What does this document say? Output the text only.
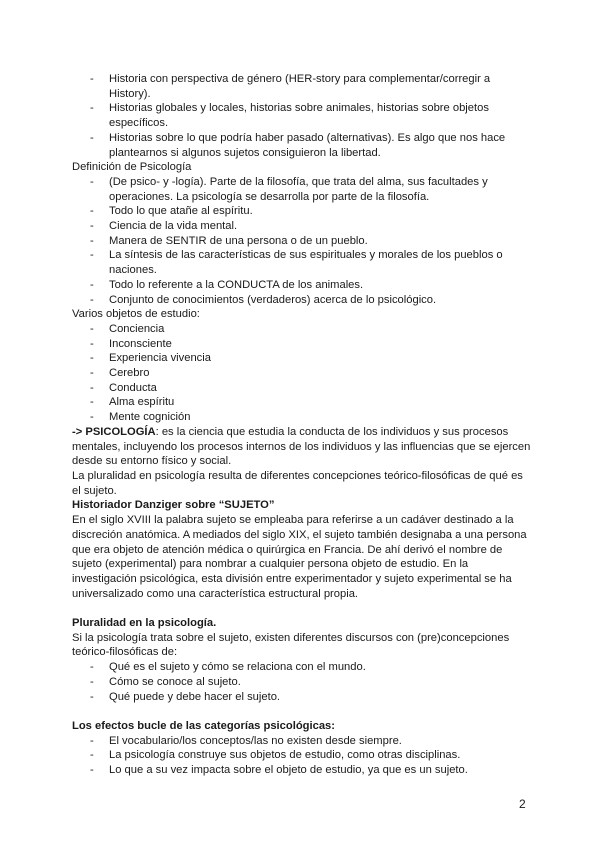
- Historia con perspectiva de género (HER-story para complementar/corregir a History).
- Historias globales y locales, historias sobre animales, historias sobre objetos específicos.
- Historias sobre lo que podría haber pasado (alternativas). Es algo que nos hace plantearnos si algunos sujetos consiguieron la libertad.

Definición de Psicología

- (De psico- y -logía). Parte de la filosofía, que trata del alma, sus facultades y operaciones. La psicología se desarrolla por parte de la filosofía.
- Todo lo que atañe al espíritu.
- Ciencia de la vida mental.
- Manera de SENTIR de una persona o de un pueblo.
- La síntesis de las características de sus espirituales y morales de los pueblos o naciones.
- Todo lo referente a la CONDUCTA de los animales.
- Conjunto de conocimientos (verdaderos) acerca de lo psicológico.

Varios objetos de estudio:

- Conciencia
- Inconsciente
- Experiencia vivencia
- Cerebro
- Conducta
- Alma espíritu
- Mente cognición

-> PSICOLOGÍA: es la ciencia que estudia la conducta de los individuos y sus procesos mentales, incluyendo los procesos internos de los individuos y las influencias que se ejercen desde su entorno físico y social.

La pluralidad en psicología resulta de diferentes concepciones teórico-filosóficas de qué es el sujeto.

Historiador Danziger sobre “SUJETO”

En el siglo XVIII la palabra sujeto se empleaba para referirse a un cadáver destinado a la discreción anatómica. A mediados del siglo XIX, el sujeto también designaba a una persona que era objeto de atención médica o quirúrgica en Francia. De ahí derivó el nombre de sujeto (experimental) para nombrar a cualquier persona objeto de estudio. En la investigación psicológica, esta división entre experimentador y sujeto experimental se ha universalizado como una característica estructural propia.

Pluralidad en la psicología.

Si la psicología trata sobre el sujeto, existen diferentes discursos con (pre)concepciones teórico-filosóficas de:

- Qué es el sujeto y cómo se relaciona con el mundo.
- Cómo se conoce al sujeto.
- Qué puede y debe hacer el sujeto.

Los efectos bucle de las categorías psicológicas:

- El vocabulario/los conceptos/las no existen desde siempre.
- La psicología construye sus objetos de estudio, como otras disciplinas.
- Lo que a su vez impacta sobre el objeto de estudio, ya que es un sujeto.
2
